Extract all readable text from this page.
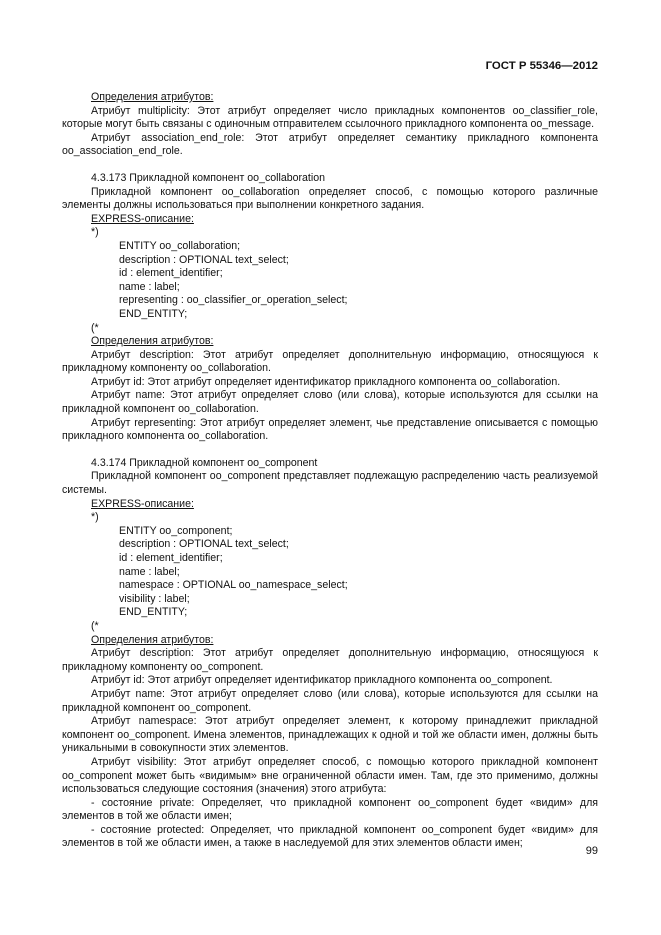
ГОСТ Р 55346—2012

Определения атрибутов:

Атрибут multiplicity: Этот атрибут определяет число прикладных компонентов oo_classifier_role, которые могут быть связаны с одиночным отправителем ссылочного прикладного компонента oo_message.

Атрибут association_end_role: Этот атрибут определяет семантику прикладного компонента oo_association_end_role.

4.3.173 Прикладной компонент oo_collaboration

Прикладной компонент oo_collaboration определяет способ, с помощью которого различные элементы должны использоваться при выполнении конкретного задания.

EXPRESS-описание:

*)

ENTITY oo_collaboration;

description : OPTIONAL text_select;

id : element_identifier;

name : label;

representing : oo_classifier_or_operation_select;

END_ENTITY;

(*

Определения атрибутов:

Атрибут description: Этот атрибут определяет дополнительную информацию, относящуюся к прикладному компоненту oo_collaboration.

Атрибут id: Этот атрибут определяет идентификатор прикладного компонента oo_collaboration.

Атрибут name: Этот атрибут определяет слово (или слова), которые используются для ссылки на прикладной компонент oo_collaboration.

Атрибут representing: Этот атрибут определяет элемент, чье представление описывается с помощью прикладного компонента oo_collaboration.

4.3.174 Прикладной компонент oo_component

Прикладной компонент oo_component представляет подлежащую распределению часть реализуемой системы.

EXPRESS-описание:

*)

ENTITY oo_component;

description : OPTIONAL text_select;

id : element_identifier;

name : label;

namespace : OPTIONAL oo_namespace_select;

visibility : label;

END_ENTITY;

(*

Определения атрибутов:

Атрибут description: Этот атрибут определяет дополнительную информацию, относящуюся к прикладному компоненту oo_component.

Атрибут id: Этот атрибут определяет идентификатор прикладного компонента oo_component.

Атрибут name: Этот атрибут определяет слово (или слова), которые используются для ссылки на прикладной компонент oo_component.

Атрибут namespace: Этот атрибут определяет элемент, к которому принадлежит прикладной компонент oo_component. Имена элементов, принадлежащих к одной и той же области имен, должны быть уникальными в совокупности этих элементов.

Атрибут visibility: Этот атрибут определяет способ, с помощью которого прикладной компонент oo_component может быть «видимым» вне ограниченной области имен. Там, где это применимо, должны использоваться следующие состояния (значения) этого атрибута:

- состояние private: Определяет, что прикладной компонент oo_component будет «видим» для элементов в той же области имен;

- состояние protected: Определяет, что прикладной компонент oo_component будет «видим» для элементов в той же области имен, а также в наследуемой для этих элементов области имен;

99
